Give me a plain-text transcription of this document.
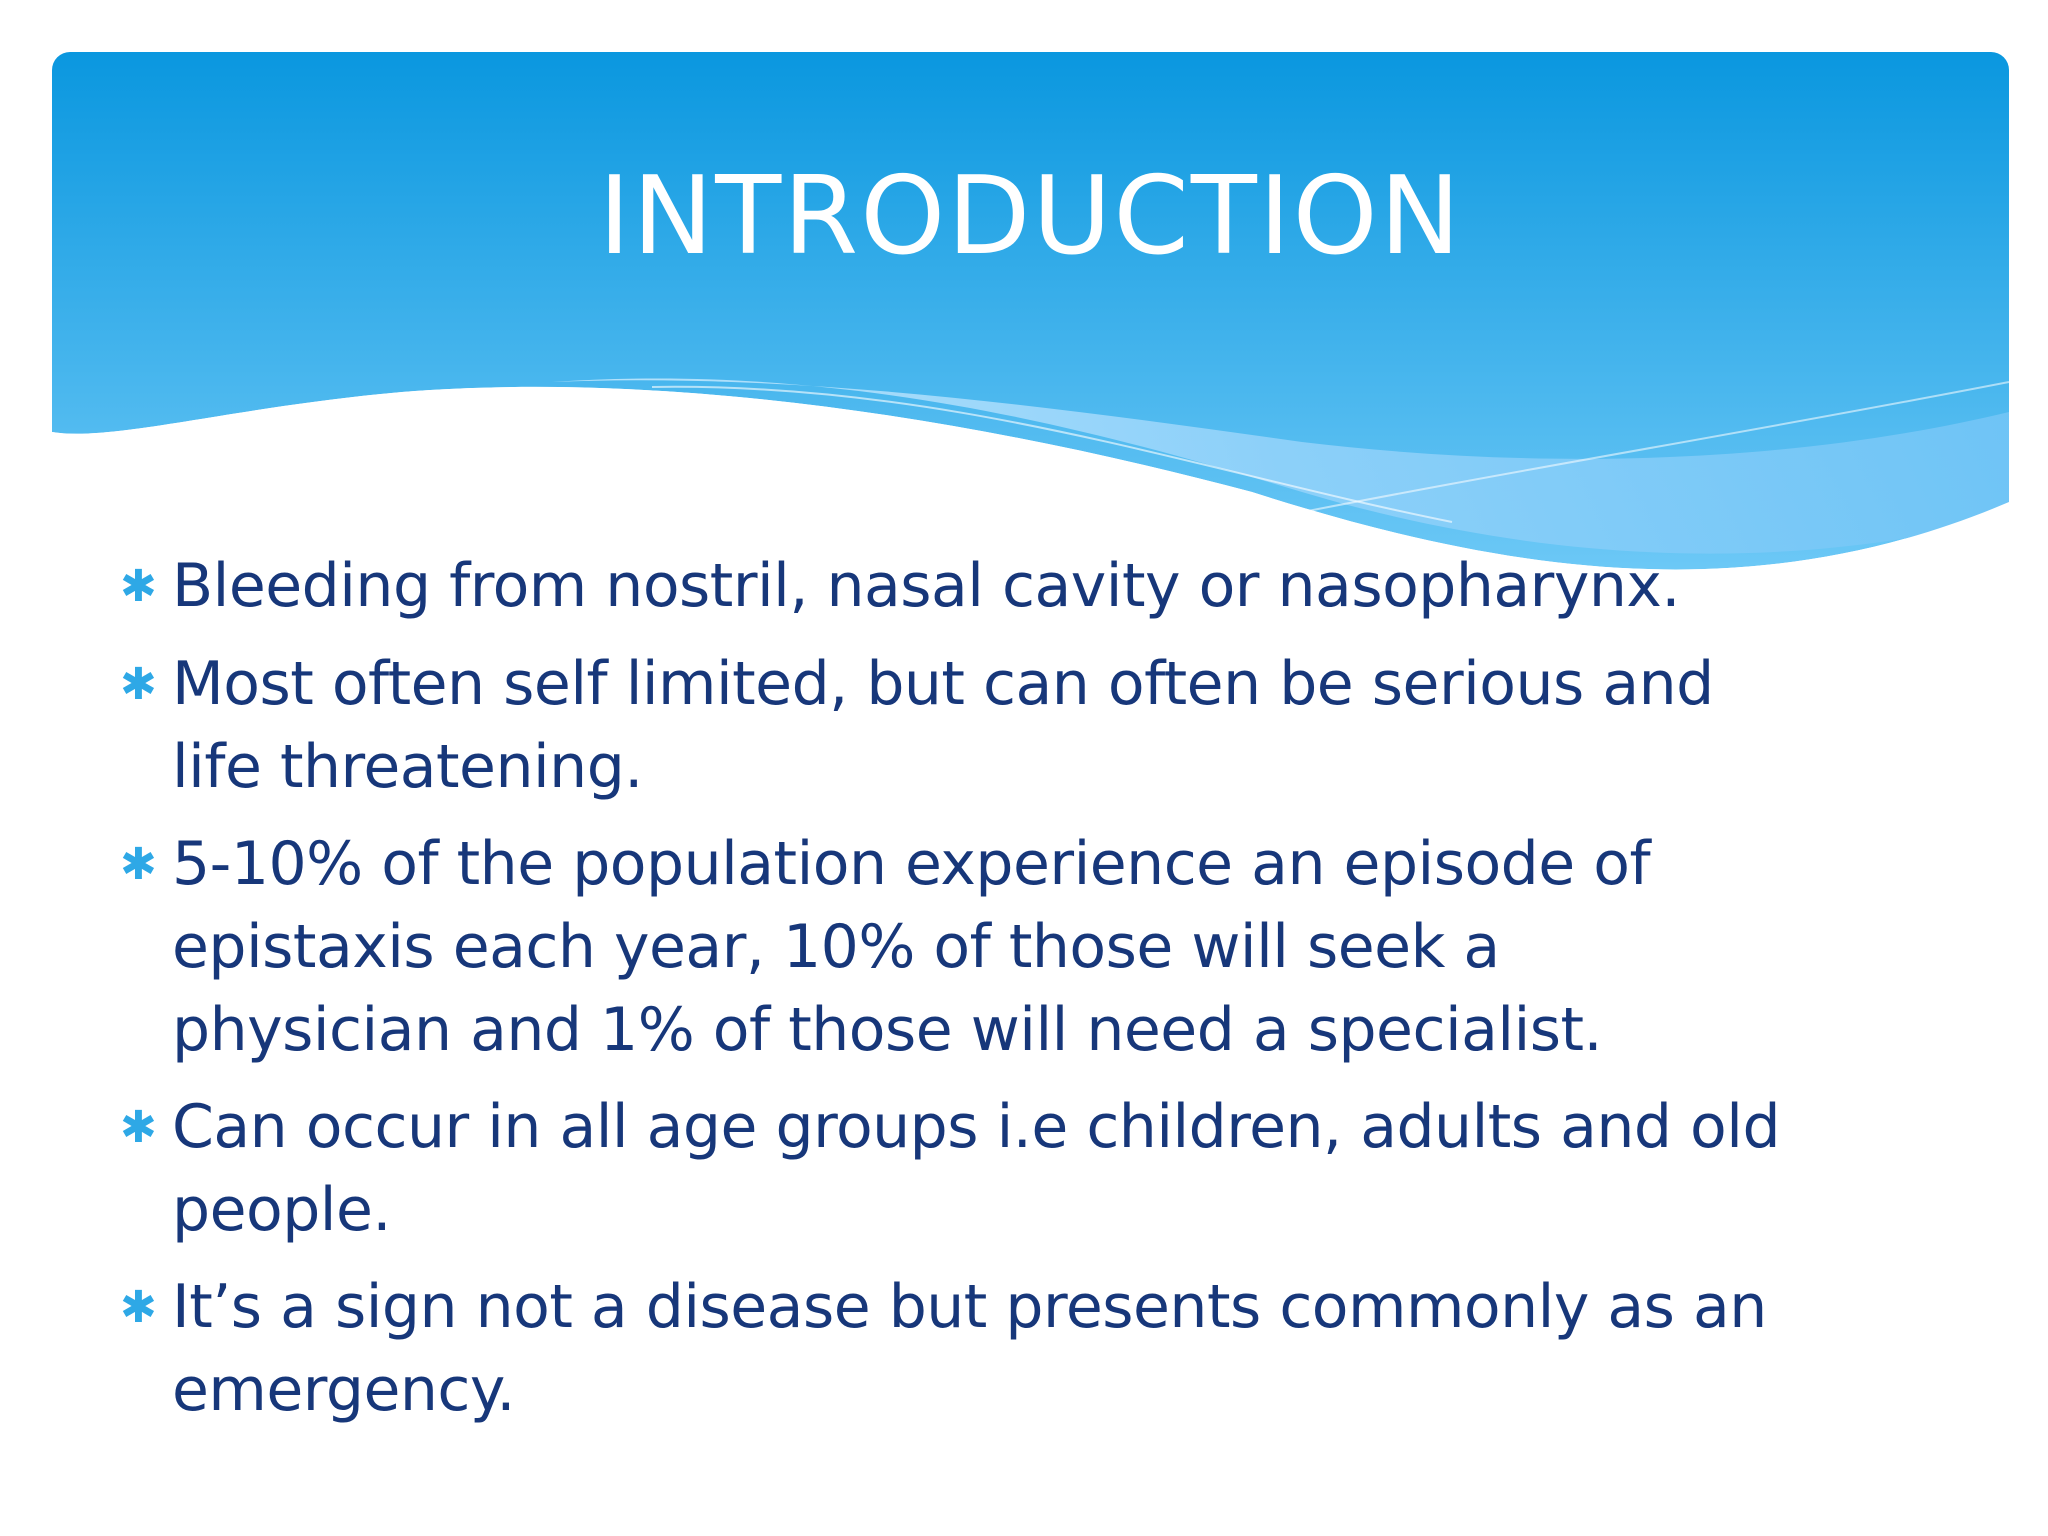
INTRODUCTION
✱ Bleeding from nostril, nasal cavity or nasopharynx.
✱ Most often self limited, but can often be serious and life threatening.
✱ 5-10% of the population experience an episode of epistaxis each year, 10% of those will seek a physician and 1% of those will need a specialist.
✱ Can occur in all age groups i.e children, adults and old people.
✱ It’s a sign not a disease but presents commonly as an emergency.
